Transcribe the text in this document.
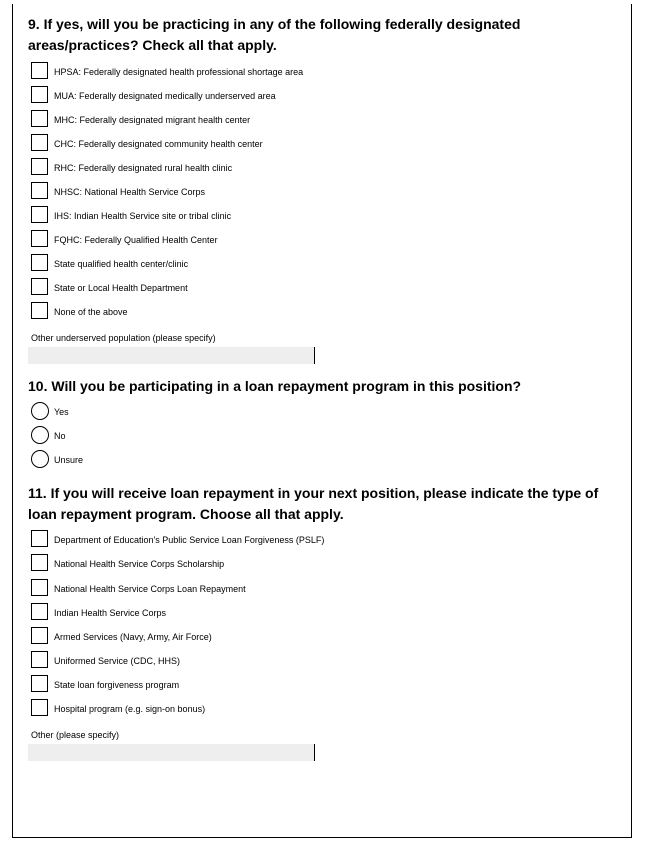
9. If yes, will you be practicing in any of the following federally designated areas/practices? Check all that apply.
HPSA: Federally designated health professional shortage area
MUA: Federally designated medically underserved area
MHC: Federally designated migrant health center
CHC: Federally designated community health center
RHC: Federally designated rural health clinic
NHSC: National Health Service Corps
IHS: Indian Health Service site or tribal clinic
FQHC: Federally Qualified Health Center
State qualified health center/clinic
State or Local Health Department
None of the above
Other underserved population (please specify)
10. Will you be participating in a loan repayment program in this position?
Yes
No
Unsure
11. If you will receive loan repayment in your next position, please indicate the type of loan repayment program. Choose all that apply.
Department of Education's Public Service Loan Forgiveness (PSLF)
National Health Service Corps Scholarship
National Health Service Corps Loan Repayment
Indian Health Service Corps
Armed Services (Navy, Army, Air Force)
Uniformed Service (CDC, HHS)
State loan forgiveness program
Hospital program (e.g. sign-on bonus)
Other (please specify)
